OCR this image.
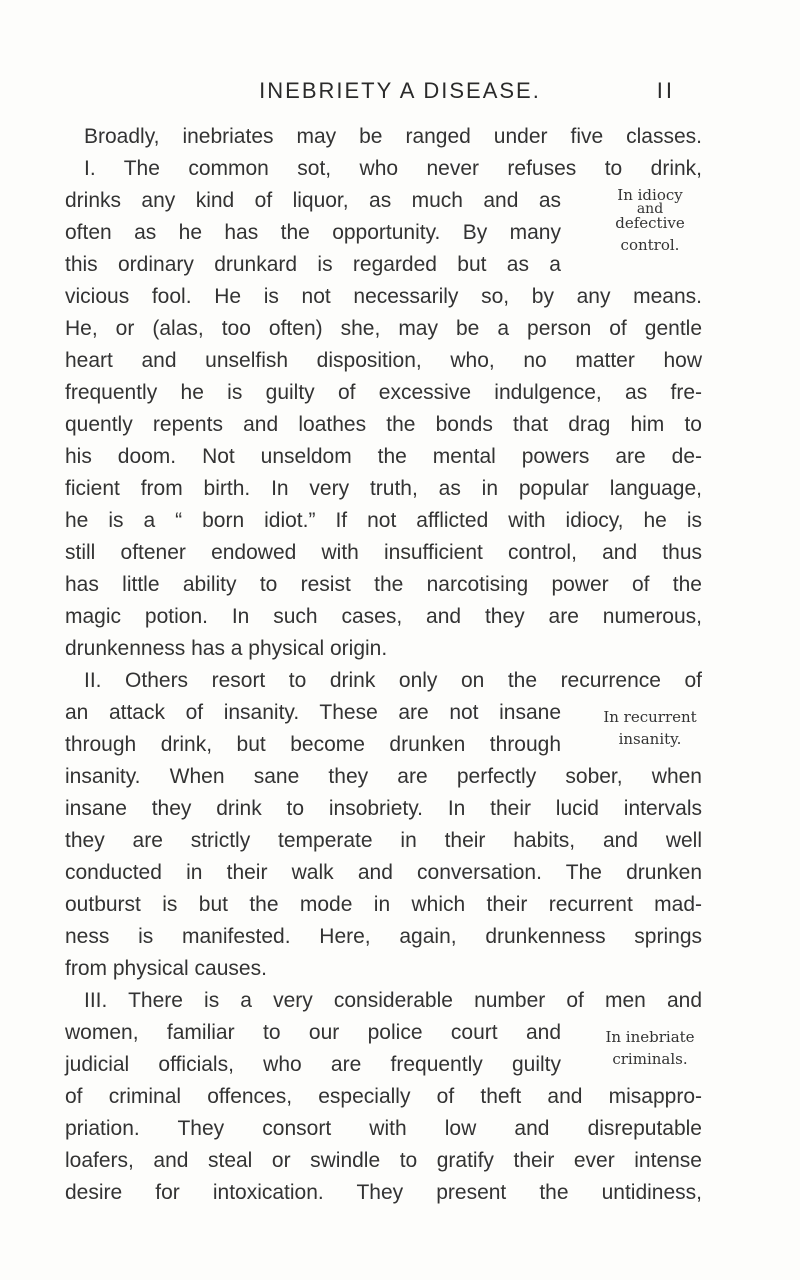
INEBRIETY A DISEASE.	II
Broadly, inebriates may be ranged under five classes.
I. The common sot, who never refuses to drink,
drinks any kind of liquor, as much and as
often as he has the opportunity. By many
this ordinary drunkard is regarded but as a
vicious fool. He is not necessarily so, by any means.
He, or (alas, too often) she, may be a person of gentle
heart and unselfish disposition, who, no matter how
frequently he is guilty of excessive indulgence, as fre-
quently repents and loathes the bonds that drag him to
his doom. Not unseldom the mental powers are de-
ficient from birth. In very truth, as in popular language,
he is a “ born idiot.” If not afflicted with idiocy, he is
still oftener endowed with insufficient control, and thus
has little ability to resist the narcotising power of the
magic potion. In such cases, and they are numerous,
drunkenness has a physical origin.
II. Others resort to drink only on the recurrence of
an attack of insanity. These are not insane
through drink, but become drunken through
insanity. When sane they are perfectly sober, when
insane they drink to insobriety. In their lucid intervals
they are strictly temperate in their habits, and well
conducted in their walk and conversation. The drunken
outburst is but the mode in which their recurrent mad-
ness is manifested. Here, again, drunkenness springs
from physical causes.
III. There is a very considerable number of men and
women, familiar to our police court and
judicial officials, who are frequently guilty
of criminal offences, especially of theft and misappro-
priation. They consort with low and disreputable
loafers, and steal or swindle to gratify their ever intense
desire for intoxication. They present the untidiness,
In idiocy
and
defective
control.
In recurrent
insanity.
In inebriate
criminals.
